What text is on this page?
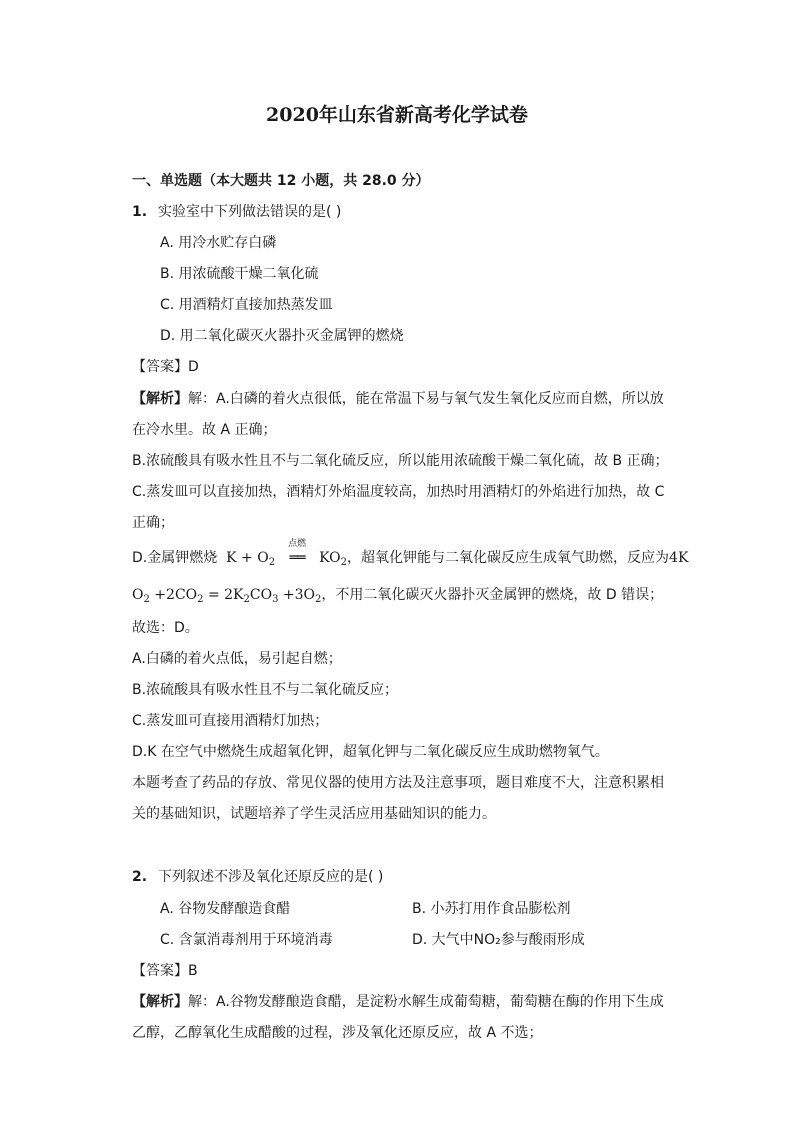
2020年山东省新高考化学试卷
一、单选题（本大题共 12 小题，共 28.0 分）
1. 实验室中下列做法错误的是( )
A. 用冷水贮存白磷
B. 用浓硫酸干燥二氧化硫
C. 用酒精灯直接加热蒸发皿
D. 用二氧化碳灭火器扑灭金属钾的燃烧
【答案】D
【解析】解：A.白磷的着火点很低，能在常温下易与氧气发生氧化反应而自燃，所以放
在冷水里。故 A 正确；
B.浓硫酸具有吸水性且不与二氧化硫反应，所以能用浓硫酸干燥二氧化硫，故 B 正确；
C.蒸发皿可以直接加热，酒精灯外焰温度较高，加热时用酒精灯的外焰进行加热，故 C
正确；
D.金属钾燃烧  $K + O_2$
点燃
══ $KO_2$，超氧化钾能与二氧化碳反应生成氧气助燃，反应为4K
$O_2 +2CO_2 = 2K_2CO_3 +3O_2$，不用二氧化碳灭火器扑灭金属钾的燃烧，故 D 错误；
故选：D。
A.白磷的着火点低，易引起自燃；
B.浓硫酸具有吸水性且不与二氧化硫反应；
C.蒸发皿可直接用酒精灯加热；
D.K 在空气中燃烧生成超氧化钾，超氧化钾与二氧化碳反应生成助燃物氧气。
本题考查了药品的存放、常见仪器的使用方法及注意事项，题目难度不大，注意积累相
关的基础知识，试题培养了学生灵活应用基础知识的能力。
2. 下列叙述不涉及氧化还原反应的是( )
A. 谷物发酵酿造食醋	B. 小苏打用作食品膨松剂
C. 含氯消毒剂用于环境消毒	D. 大气中NO₂参与酸雨形成
【答案】B
【解析】解：A.谷物发酵酿造食醋，是淀粉水解生成葡萄糖，葡萄糖在酶的作用下生成
乙醇，乙醇氧化生成醋酸的过程，涉及氧化还原反应，故 A 不选；
